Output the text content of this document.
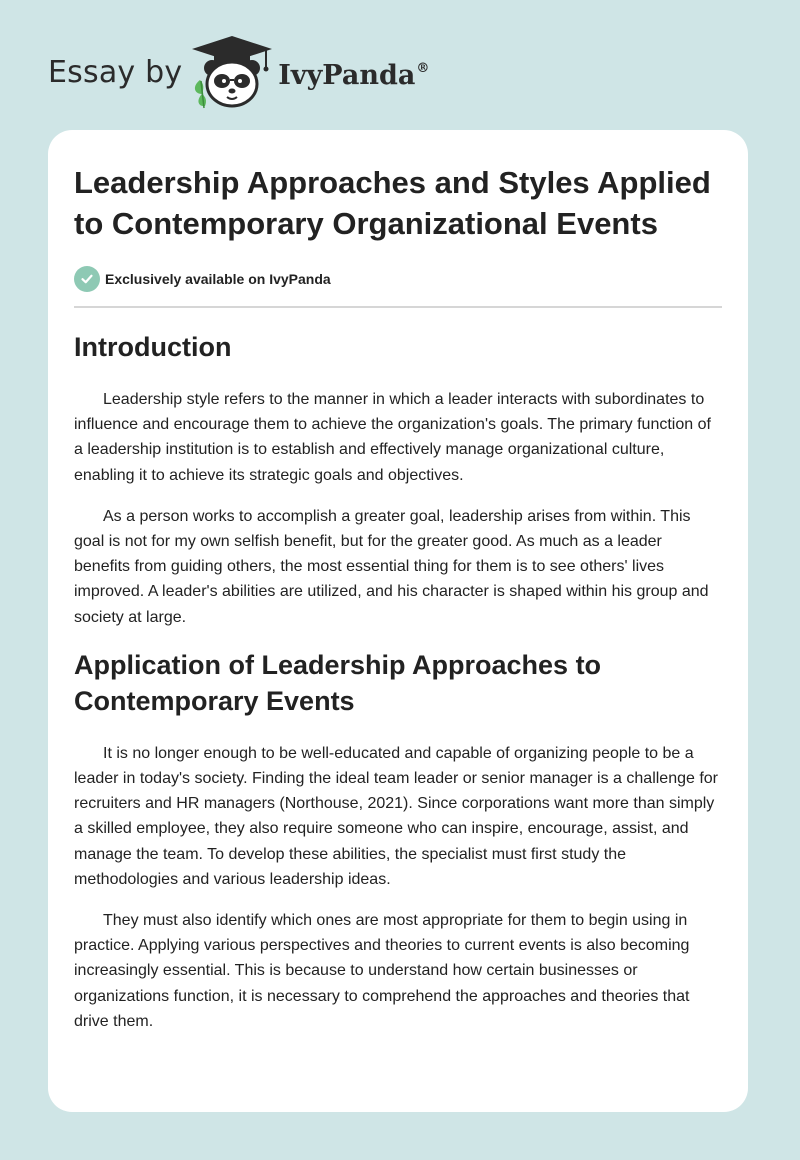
Essay by	IvyPanda®
Leadership Approaches and Styles Applied to Contemporary Organizational Events
Exclusively available on IvyPanda
Introduction

Leadership style refers to the manner in which a leader interacts with subordinates to influence and encourage them to achieve the organization's goals. The primary function of a leadership institution is to establish and effectively manage organizational culture, enabling it to achieve its strategic goals and objectives.

As a person works to accomplish a greater goal, leadership arises from within. This goal is not for my own selfish benefit, but for the greater good. As much as a leader benefits from guiding others, the most essential thing for them is to see others' lives improved. A leader's abilities are utilized, and his character is shaped within his group and society at large.

Application of Leadership Approaches to Contemporary Events

It is no longer enough to be well-educated and capable of organizing people to be a leader in today's society. Finding the ideal team leader or senior manager is a challenge for recruiters and HR managers (Northouse, 2021). Since corporations want more than simply a skilled employee, they also require someone who can inspire, encourage, assist, and manage the team. To develop these abilities, the specialist must first study the methodologies and various leadership ideas.

They must also identify which ones are most appropriate for them to begin using in practice. Applying various perspectives and theories to current events is also becoming increasingly essential. This is because to understand how certain businesses or organizations function, it is necessary to comprehend the approaches and theories that drive them.
